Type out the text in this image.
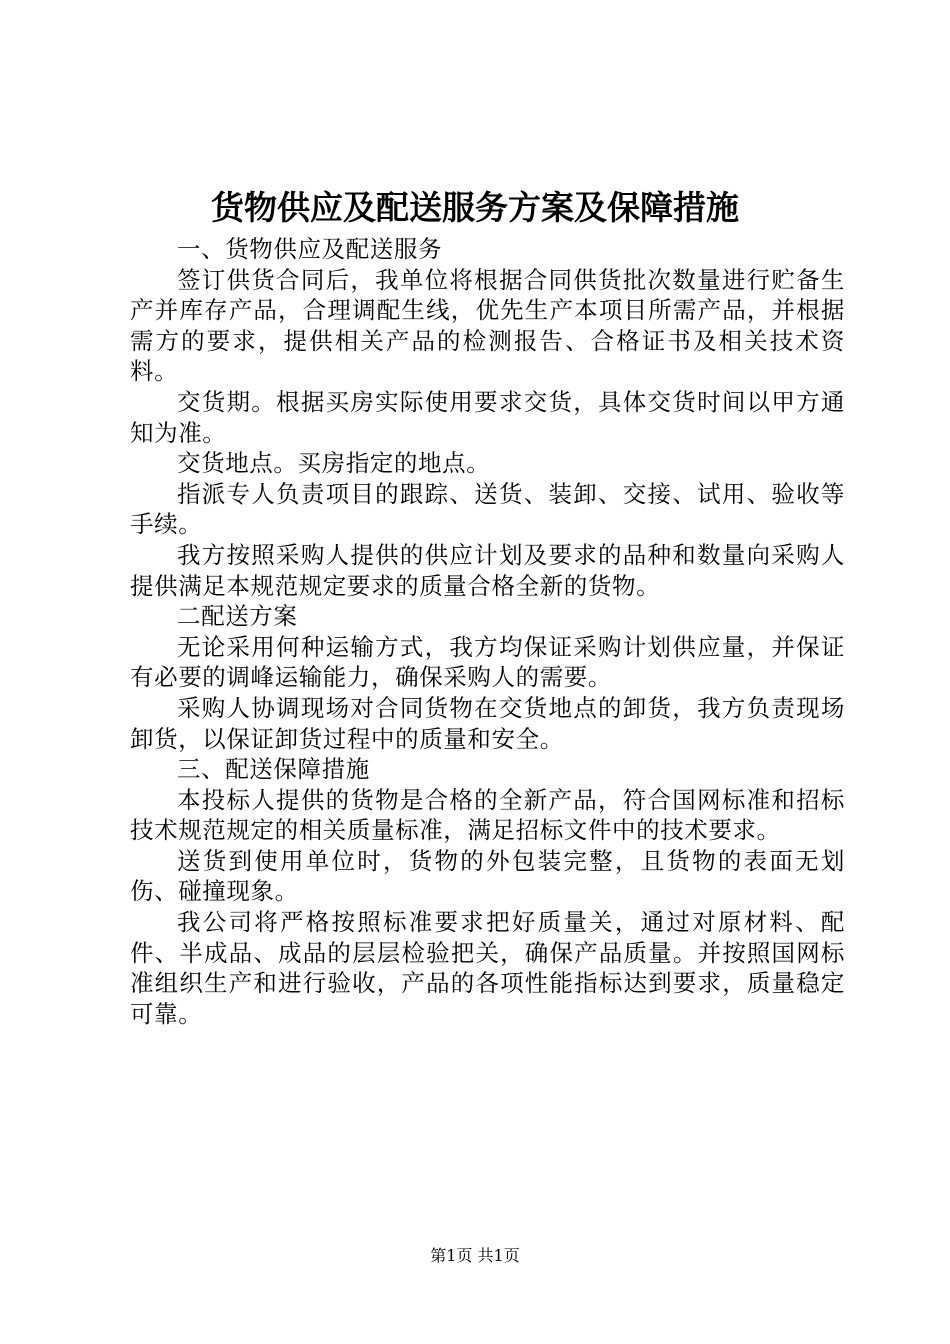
货物供应及配送服务方案及保障措施

一、货物供应及配送服务

签订供货合同后，我单位将根据合同供货批次数量进行贮备生产并库存产品，合理调配生线，优先生产本项目所需产品，并根据需方的要求，提供相关产品的检测报告、合格证书及相关技术资料。

交货期。根据买房实际使用要求交货，具体交货时间以甲方通知为准。

交货地点。买房指定的地点。

指派专人负责项目的跟踪、送货、装卸、交接、试用、验收等手续。

我方按照采购人提供的供应计划及要求的品种和数量向采购人提供满足本规范规定要求的质量合格全新的货物。

二配送方案

无论采用何种运输方式，我方均保证采购计划供应量，并保证有必要的调峰运输能力，确保采购人的需要。

采购人协调现场对合同货物在交货地点的卸货，我方负责现场卸货，以保证卸货过程中的质量和安全。

三、配送保障措施

本投标人提供的货物是合格的全新产品，符合国网标准和招标技术规范规定的相关质量标准，满足招标文件中的技术要求。

送货到使用单位时，货物的外包装完整，且货物的表面无划伤、碰撞现象。

我公司将严格按照标准要求把好质量关，通过对原材料、配件、半成品、成品的层层检验把关，确保产品质量。并按照国网标准组织生产和进行验收，产品的各项性能指标达到要求，质量稳定可靠。

第1页 共1页
